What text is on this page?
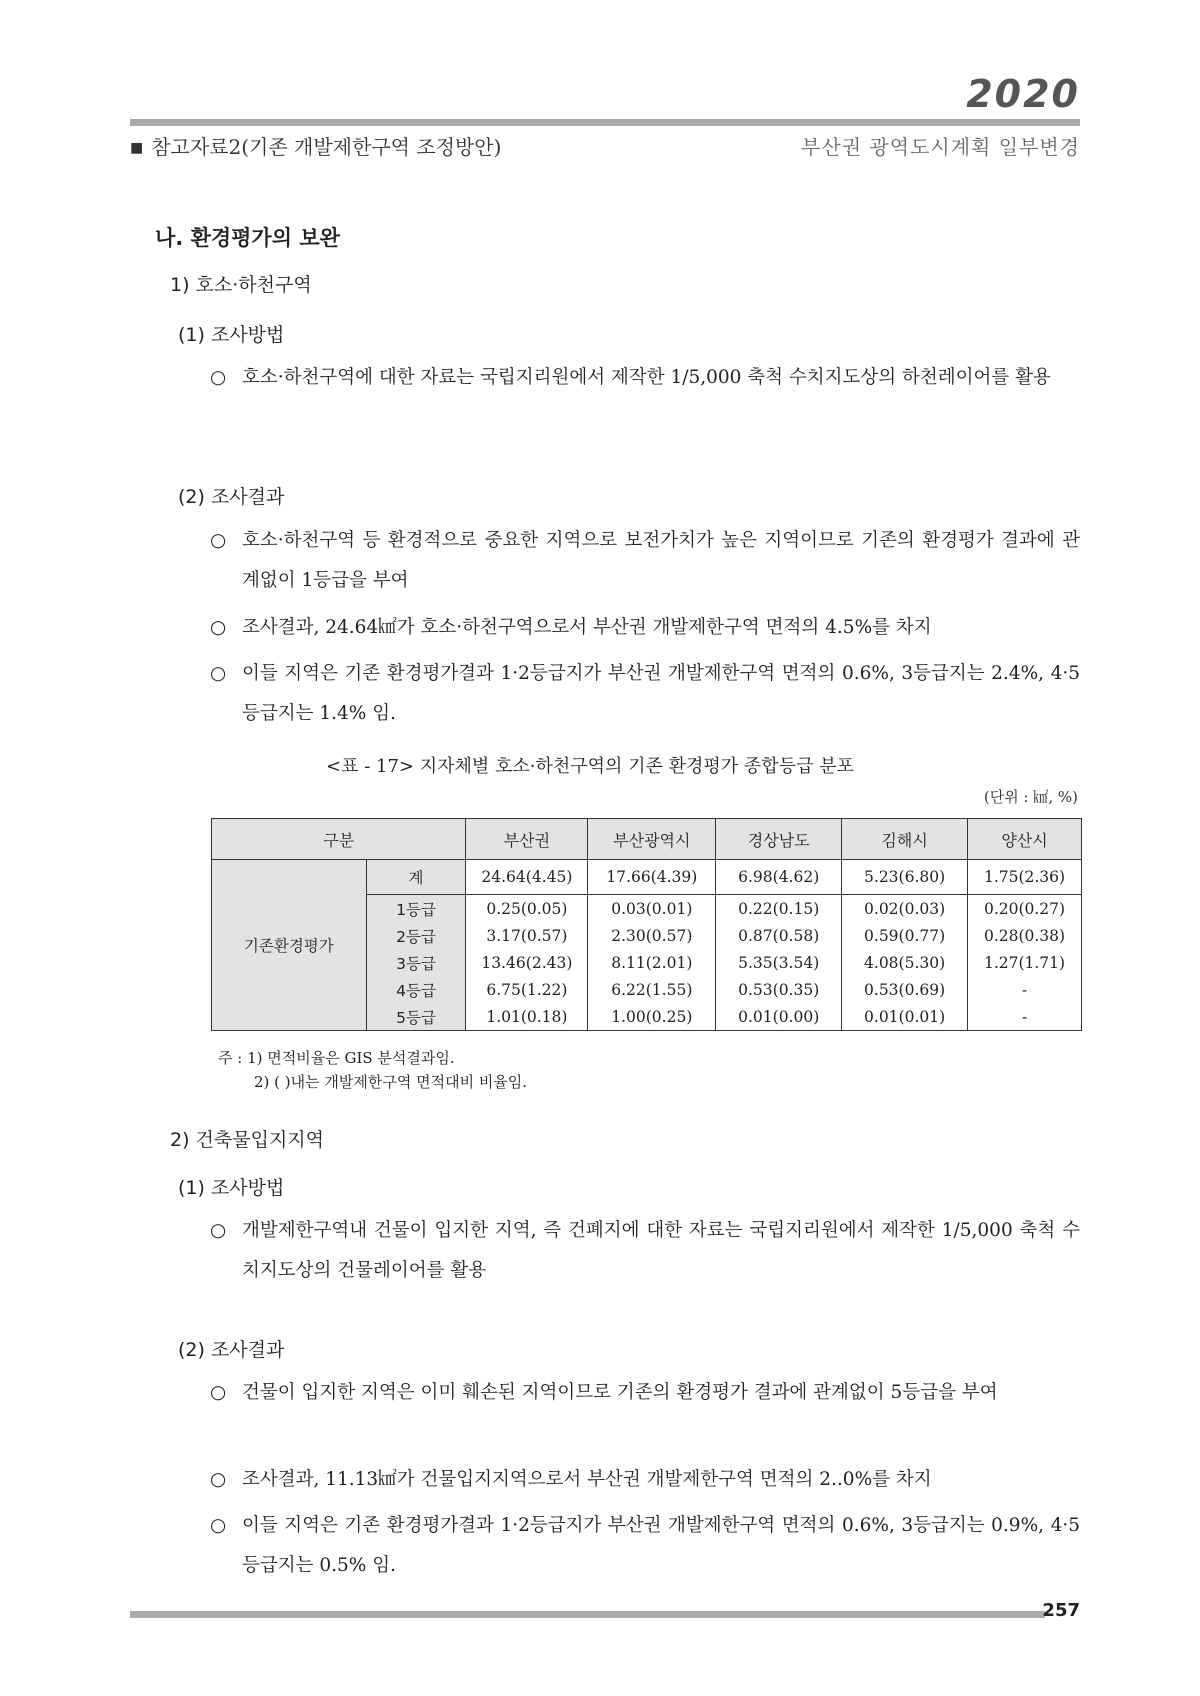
2020
■ 참고자료2(기존 개발제한구역 조정방안)	부산권 광역도시계획 일부변경
나. 환경평가의 보완
1) 호소·하천구역
(1) 조사방법
○ 호소·하천구역에 대한 자료는 국립지리원에서 제작한 1/5,000 축척 수치지도상의 하천레이어를 활용
(2) 조사결과
○ 호소·하천구역 등 환경적으로 중요한 지역으로 보전가치가 높은 지역이므로 기존의 환경평가 결과에 관계없이 1등급을 부여
○ 조사결과, 24.64㎢가 호소·하천구역으로서 부산권 개발제한구역 면적의 4.5%를 차지
○ 이들 지역은 기존 환경평가결과 1·2등급지가 부산권 개발제한구역 면적의 0.6%, 3등급지는 2.4%, 4·5등급지는 1.4% 임.
<표 - 17> 지자체별 호소·하천구역의 기존 환경평가 종합등급 분포
(단위 : ㎢, %)
구분		부산권	부산광역시	경상남도	김해시	양산시
기존환경평가	계	24.64(4.45)	17.66(4.39)	6.98(4.62)	5.23(6.80)	1.75(2.36)
	1등급	0.25(0.05)	0.03(0.01)	0.22(0.15)	0.02(0.03)	0.20(0.27)
	2등급	3.17(0.57)	2.30(0.57)	0.87(0.58)	0.59(0.77)	0.28(0.38)
	3등급	13.46(2.43)	8.11(2.01)	5.35(3.54)	4.08(5.30)	1.27(1.71)
	4등급	6.75(1.22)	6.22(1.55)	0.53(0.35)	0.53(0.69)	-
	5등급	1.01(0.18)	1.00(0.25)	0.01(0.00)	0.01(0.01)	-
주 : 1) 면적비율은 GIS 분석결과임.
2) ( )내는 개발제한구역 면적대비 비율임.
2) 건축물입지지역
(1) 조사방법
○ 개발제한구역내 건물이 입지한 지역, 즉 건폐지에 대한 자료는 국립지리원에서 제작한 1/5,000 축척 수치지도상의 건물레이어를 활용
(2) 조사결과
○ 건물이 입지한 지역은 이미 훼손된 지역이므로 기존의 환경평가 결과에 관계없이 5등급을 부여
○ 조사결과, 11.13㎢가 건물입지지역으로서 부산권 개발제한구역 면적의 2..0%를 차지
○ 이들 지역은 기존 환경평가결과 1·2등급지가 부산권 개발제한구역 면적의 0.6%, 3등급지는 0.9%, 4·5등급지는 0.5% 임.
257
